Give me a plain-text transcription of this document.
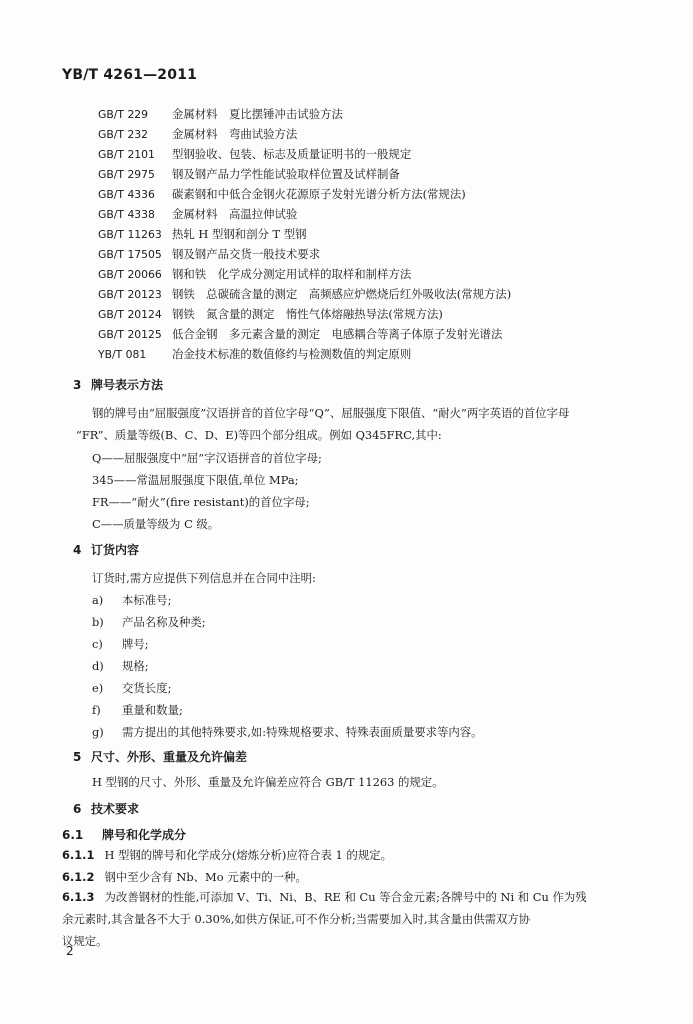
YB/T 4261—2011
GB/T 229 金属材料　夏比摆锤冲击试验方法
GB/T 232 金属材料　弯曲试验方法
GB/T 2101 型钢验收、包装、标志及质量证明书的一般规定
GB/T 2975 钢及钢产品力学性能试验取样位置及试样制备
GB/T 4336 碳素钢和中低合金钢火花源原子发射光谱分析方法(常规法)
GB/T 4338 金属材料　高温拉伸试验
GB/T 11263 热轧 H 型钢和剖分 T 型钢
GB/T 17505 钢及钢产品交货一般技术要求
GB/T 20066 钢和铁　化学成分测定用试样的取样和制样方法
GB/T 20123 钢铁　总碳硫含量的测定　高频感应炉燃烧后红外吸收法(常规方法)
GB/T 20124 钢铁　氮含量的测定　惰性气体熔融热导法(常规方法)
GB/T 20125 低合金钢　多元素含量的测定　电感耦合等离子体原子发射光谱法
YB/T 081 冶金技术标准的数值修约与检测数值的判定原则
3 牌号表示方法
钢的牌号由“屈服强度”汉语拼音的首位字母“Q”、屈服强度下限值、“耐火”两字英语的首位字母
“FR”、质量等级(B、C、D、E)等四个部分组成。例如 Q345FRC,其中:
Q——屈服强度中“屈”字汉语拼音的首位字母;
345——常温屈服强度下限值,单位 MPa;
FR——“耐火”(fire resistant)的首位字母;
C——质量等级为 C 级。
4 订货内容
订货时,需方应提供下列信息并在合同中注明:
a) 本标准号;
b) 产品名称及种类;
c) 牌号;
d) 规格;
e) 交货长度;
f) 重量和数量;
g) 需方提出的其他特殊要求,如:特殊规格要求、特殊表面质量要求等内容。
5 尺寸、外形、重量及允许偏差
H 型钢的尺寸、外形、重量及允许偏差应符合 GB/T 11263 的规定。
6 技术要求
6.1 牌号和化学成分
6.1.1 H 型钢的牌号和化学成分(熔炼分析)应符合表 1 的规定。
6.1.2 钢中至少含有 Nb、Mo 元素中的一种。
6.1.3 为改善钢材的性能,可添加 V、Ti、Ni、B、RE 和 Cu 等合金元素;各牌号中的 Ni 和 Cu 作为残
余元素时,其含量各不大于 0.30%,如供方保证,可不作分析;当需要加入时,其含量由供需双方协
议规定。
2
